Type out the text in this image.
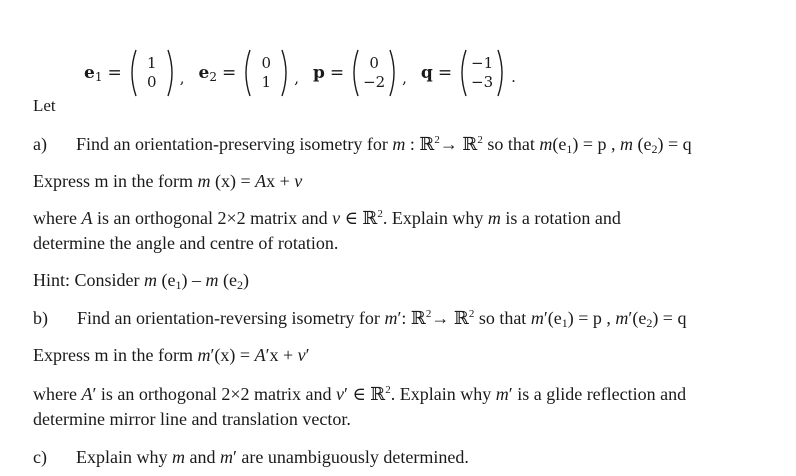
$e_1 = 1$
0 , $e_2 = 0$
1 , p = 0
−2 , q = −1
−3 .
Let
a) Find an orientation-preserving isometry for m : ℝ$^2$→ ℝ$^2$ so that $m(e_1) = p$ , m $(e_2) = q$
Express m in the form m (x) = Ax + v
where A is an orthogonal 2×2 matrix and v ∈ ℝ$^2$. Explain why m is a rotation and
determine the angle and centre of rotation.
Hint: Consider m $(e_1)$ – m $(e_2)$
b) Find an orientation-reversing isometry for m′: ℝ$^2$→ ℝ$^2$ so that $m'(e_1) = p$ , $m'(e_2) = q$
Express m in the form m′(x) = A′x + v′
where A′ is an orthogonal 2×2 matrix and v′ ∈ ℝ$^2$. Explain why m′ is a glide reflection and
determine mirror line and translation vector.
c) Explain why m and m′ are unambiguously determined.
